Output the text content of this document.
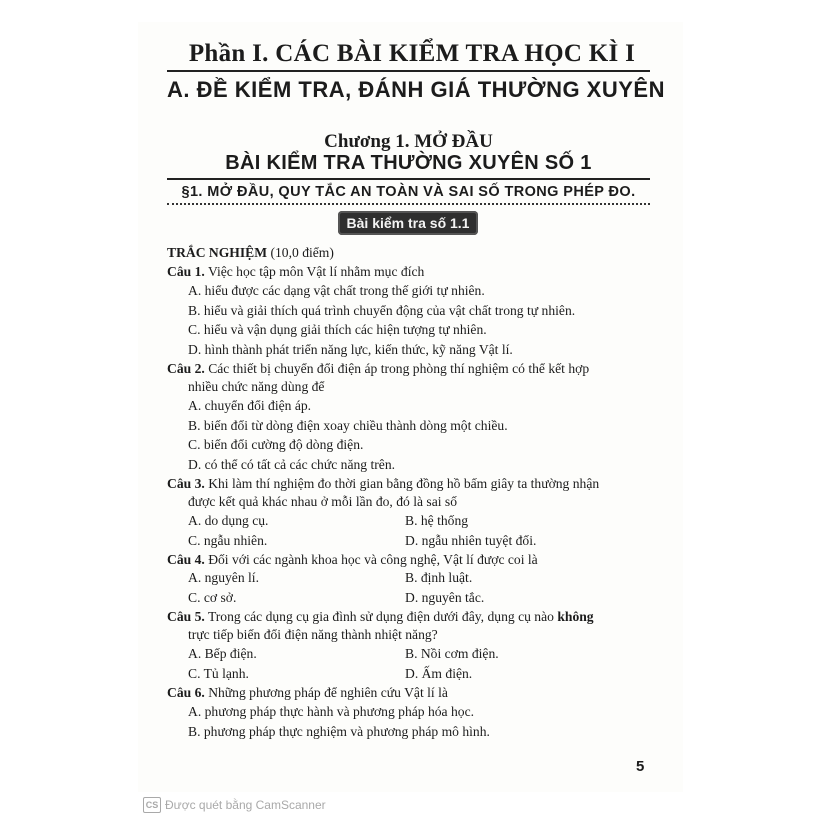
Phần I. CÁC BÀI KIỂM TRA HỌC KÌ I
A. ĐỀ KIỂM TRA, ĐÁNH GIÁ THƯỜNG XUYÊN
Chương 1. MỞ ĐẦU
BÀI KIỂM TRA THƯỜNG XUYÊN SỐ 1
§1. MỞ ĐẦU, QUY TẮC AN TOÀN VÀ SAI SỐ TRONG PHÉP ĐO.
Bài kiểm tra số 1.1
TRẮC NGHIỆM (10,0 điểm)
Câu 1. Việc học tập môn Vật lí nhằm mục đích
A. hiểu được các dạng vật chất trong thế giới tự nhiên.
B. hiểu và giải thích quá trình chuyển động của vật chất trong tự nhiên.
C. hiểu và vận dụng giải thích các hiện tượng tự nhiên.
D. hình thành phát triển năng lực, kiến thức, kỹ năng Vật lí.
Câu 2. Các thiết bị chuyển đổi điện áp trong phòng thí nghiệm có thể kết hợp
nhiều chức năng dùng để
A. chuyển đổi điện áp.
B. biến đổi từ dòng điện xoay chiều thành dòng một chiều.
C. biến đổi cường độ dòng điện.
D. có thể có tất cả các chức năng trên.
Câu 3. Khi làm thí nghiệm đo thời gian bằng đồng hồ bấm giây ta thường nhận
được kết quả khác nhau ở mỗi lần đo, đó là sai số
A. do dụng cụ.	B. hệ thống
C. ngẫu nhiên.	D. ngẫu nhiên tuyệt đối.
Câu 4. Đối với các ngành khoa học và công nghệ, Vật lí được coi là
A. nguyên lí.	B. định luật.
C. cơ sở.	D. nguyên tắc.
Câu 5. Trong các dụng cụ gia đình sử dụng điện dưới đây, dụng cụ nào không
trực tiếp biến đổi điện năng thành nhiệt năng?
A. Bếp điện.	B. Nồi cơm điện.
C. Tủ lạnh.	D. Ấm điện.
Câu 6. Những phương pháp để nghiên cứu Vật lí là
A. phương pháp thực hành và phương pháp hóa học.
B. phương pháp thực nghiệm và phương pháp mô hình.
5
CS Được quét bằng CamScanner
